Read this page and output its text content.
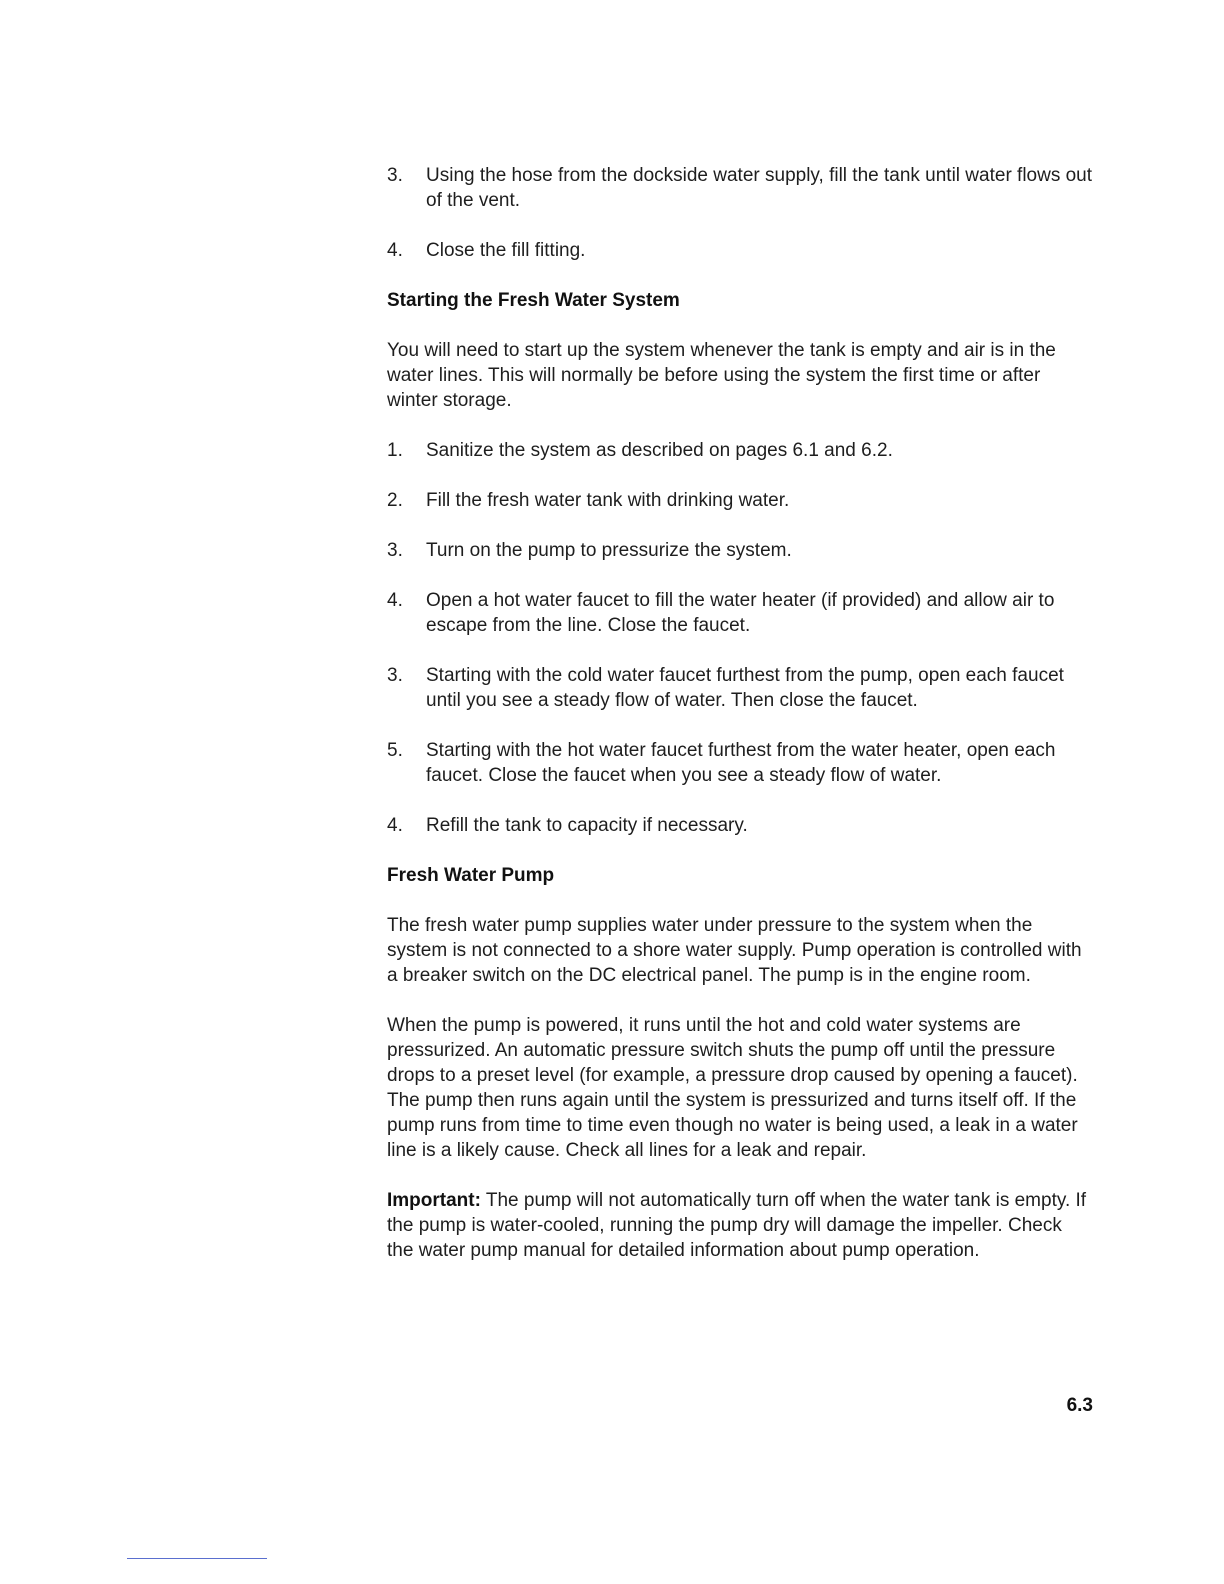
3. Using the hose from the dockside water supply, fill the tank until water flows out of the vent.
4. Close the fill fitting.
Starting the Fresh Water System
You will need to start up the system whenever the tank is empty and air is in the water lines. This will normally be before using the system the first time or after winter storage.
1. Sanitize the system as described on pages 6.1 and 6.2.
2. Fill the fresh water tank with drinking water.
3. Turn on the pump to pressurize the system.
4. Open a hot water faucet to fill the water heater (if provided) and allow air to escape from the line. Close the faucet.
3. Starting with the cold water faucet furthest from the pump, open each faucet until you see a steady flow of water. Then close the faucet.
5. Starting with the hot water faucet furthest from the water heater, open each faucet. Close the faucet when you see a steady flow of water.
4. Refill the tank to capacity if necessary.
Fresh Water Pump
The fresh water pump supplies water under pressure to the system when the system is not connected to a shore water supply. Pump operation is controlled with a breaker switch on the DC electrical panel. The pump is in the engine room.
When the pump is powered, it runs until the hot and cold water systems are pressurized. An automatic pressure switch shuts the pump off until the pressure drops to a preset level (for example, a pressure drop caused by opening a faucet). The pump then runs again until the system is pressurized and turns itself off. If the pump runs from time to time even though no water is being used, a leak in a water line is a likely cause. Check all lines for a leak and repair.
Important: The pump will not automatically turn off when the water tank is empty. If the pump is water-cooled, running the pump dry will damage the impeller. Check the water pump manual for detailed information about pump operation.
6.3
